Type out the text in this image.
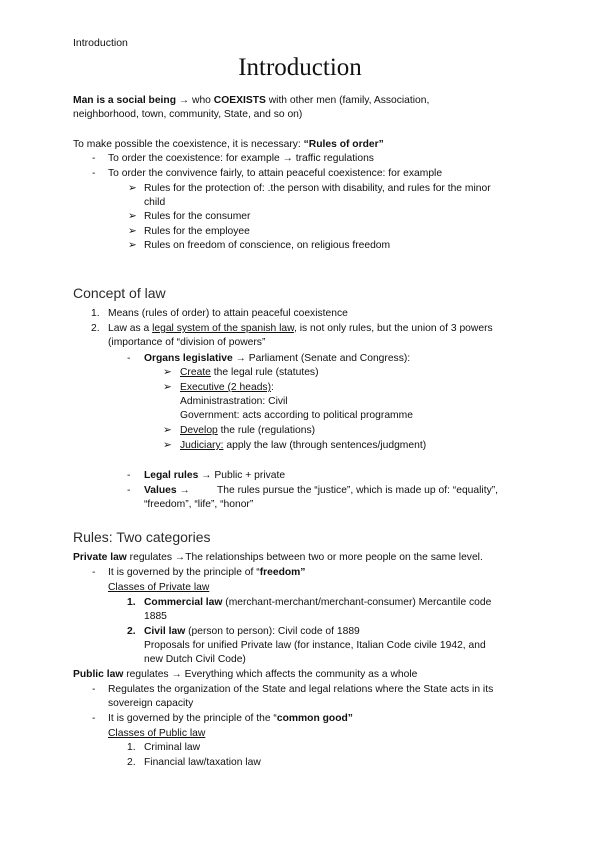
Introduction
Introduction
Man is a social being → who COEXISTS with other men (family, Association,
neighborhood, town, community, State, and so on)
To make possible the coexistence, it is necessary: “Rules of order”
- To order the coexistence: for example → traffic regulations
- To order the convivence fairly, to attain peaceful coexistence: for example
➢ Rules for the protection of: .the person with disability, and rules for the minor
child
➢ Rules for the consumer
➢ Rules for the employee
➢ Rules on freedom of conscience, on religious freedom
Concept of law
1. Means (rules of order) to attain peaceful coexistence
2. Law as a legal system of the spanish law, is not only rules, but the union of 3 powers
(importance of “division of powers”
- Organs legislative → Parliament (Senate and Congress):
➢ Create the legal rule (statutes)
➢ Executive (2 heads):
Administrastration: Civil
Government: acts according to political programme
➢ Develop the rule (regulations)
➢ Judiciary: apply the law (through sentences/judgment)
- Legal rules → Public + private
- Values →	The rules pursue the “justice”, which is made up of: “equality”,
“freedom”, “life”, “honor”
Rules: Two categories
Private law regulates →The relationships between two or more people on the same level.
- It is governed by the principle of “freedom”
Classes of Private law
1. Commercial law (merchant-merchant/merchant-consumer) Mercantile code
1885
2. Civil law (person to person): Civil code of 1889
Proposals for unified Private law (for instance, Italian Code civile 1942, and
new Dutch Civil Code)
Public law regulates → Everything which affects the community as a whole
- Regulates the organization of the State and legal relations where the State acts in its
sovereign capacity
- It is governed by the principle of the “common good”
Classes of Public law
1. Criminal law
2. Financial law/taxation law
